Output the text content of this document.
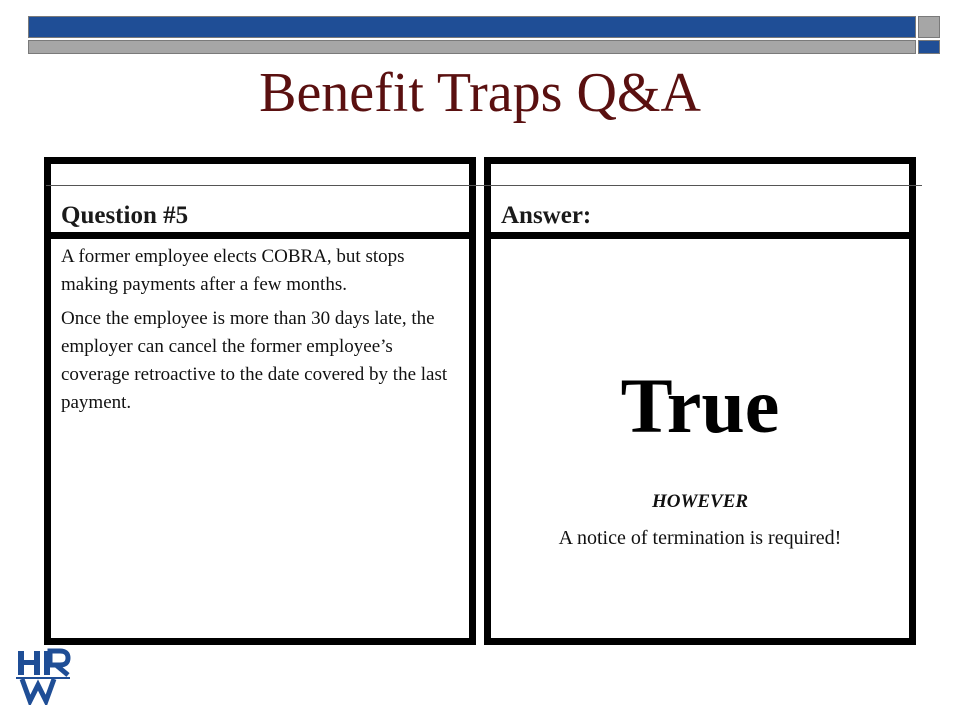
Benefit Traps Q&A
Question #5

A former employee elects COBRA, but stops making payments after a few months.

Once the employee is more than 30 days late, the employer can cancel the former employee’s coverage retroactive to the date covered by the last payment.

Answer:
True
HOWEVER
A notice of termination is required!
